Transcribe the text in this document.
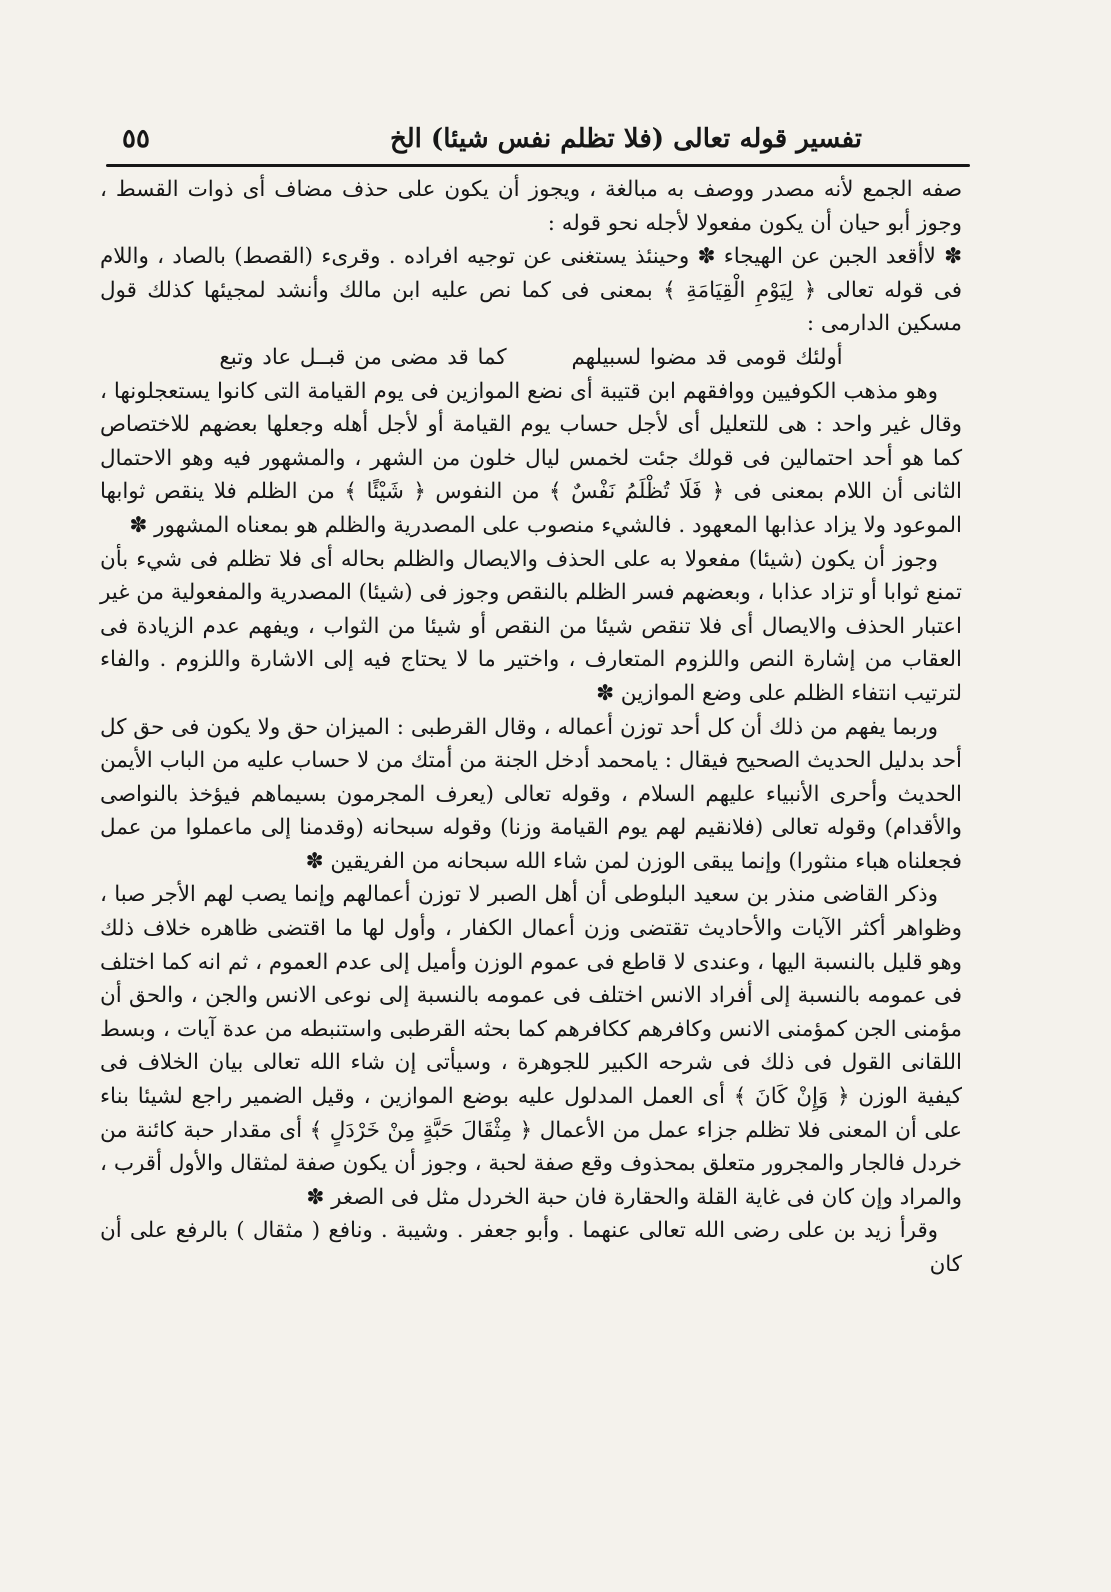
تفسير قوله تعالى (فلا تظلم نفس شيئا) الخ
٥٥

صفه الجمع لأنه مصدر ووصف به مبالغة ، ويجوز أن يكون على حذف مضاف أى ذوات القسط ، وجوز أبو حيان أن يكون مفعولا لأجله نحو قوله :

✽ لاأقعد الجبن عن الهيجاء ✽ وحينئذ يستغنى عن توجيه افراده . وقرىء (القصط) بالصاد ، واللام فى قوله تعالى ﴿ لِيَوْمِ الْقِيَامَةِ ﴾ بمعنى فى كما نص عليه ابن مالك وأنشد لمجيئها كذلك قول مسكين الدارمى :

أولئك قومى قد مضوا لسبيلهم كما قد مضى من قبــل عاد وتبع

وهو مذهب الكوفيين ووافقهم ابن قتيبة أى نضع الموازين فى يوم القيامة التى كانوا يستعجلونها ، وقال غير واحد : هى للتعليل أى لأجل حساب يوم القيامة أو لأجل أهله وجعلها بعضهم للاختصاص كما هو أحد احتمالين فى قولك جئت لخمس ليال خلون من الشهر ، والمشهور فيه وهو الاحتمال الثانى أن اللام بمعنى فى ﴿ فَلَا تُظْلَمُ نَفْسٌ ﴾ من النفوس ﴿ شَيْئًا ﴾ من الظلم فلا ينقص ثوابها الموعود ولا يزاد عذابها المعهود . فالشيء منصوب على المصدرية والظلم هو بمعناه المشهور ✽

وجوز أن يكون (شيئا) مفعولا به على الحذف والايصال والظلم بحاله أى فلا تظلم فى شيء بأن تمنع ثوابا أو تزاد عذابا ، وبعضهم فسر الظلم بالنقص وجوز فى (شيئا) المصدرية والمفعولية من غير اعتبار الحذف والايصال أى فلا تنقص شيئا من النقص أو شيئا من الثواب ، ويفهم عدم الزيادة فى العقاب من إشارة النص واللزوم المتعارف ، واختير ما لا يحتاج فيه إلى الاشارة واللزوم . والفاء لترتيب انتفاء الظلم على وضع الموازين ✽

وربما يفهم من ذلك أن كل أحد توزن أعماله ، وقال القرطبى : الميزان حق ولا يكون فى حق كل أحد بدليل الحديث الصحيح فيقال : يامحمد أدخل الجنة من أمتك من لا حساب عليه من الباب الأيمن الحديث وأحرى الأنبياء عليهم السلام ، وقوله تعالى (يعرف المجرمون بسيماهم فيؤخذ بالنواصى والأقدام) وقوله تعالى (فلانقيم لهم يوم القيامة وزنا) وقوله سبحانه (وقدمنا إلى ماعملوا من عمل فجعلناه هباء منثورا) وإنما يبقى الوزن لمن شاء الله سبحانه من الفريقين ✽

وذكر القاضى منذر بن سعيد البلوطى أن أهل الصبر لا توزن أعمالهم وإنما يصب لهم الأجر صبا ، وظواهر أكثر الآيات والأحاديث تقتضى وزن أعمال الكفار ، وأول لها ما اقتضى ظاهره خلاف ذلك وهو قليل بالنسبة اليها ، وعندى لا قاطع فى عموم الوزن وأميل إلى عدم العموم ، ثم انه كما اختلف فى عمومه بالنسبة إلى أفراد الانس اختلف فى عمومه بالنسبة إلى نوعى الانس والجن ، والحق أن مؤمنى الجن كمؤمنى الانس وكافرهم ككافرهم كما بحثه القرطبى واستنبطه من عدة آيات ، وبسط اللقانى القول فى ذلك فى شرحه الكبير للجوهرة ، وسيأتى إن شاء الله تعالى بيان الخلاف فى كيفية الوزن ﴿ وَإِنْ كَانَ ﴾ أى العمل المدلول عليه بوضع الموازين ، وقيل الضمير راجع لشيئا بناء على أن المعنى فلا تظلم جزاء عمل من الأعمال ﴿ مِثْقَالَ حَبَّةٍ مِنْ خَرْدَلٍ ﴾ أى مقدار حبة كائنة من خردل فالجار والمجرور متعلق بمحذوف وقع صفة لحبة ، وجوز أن يكون صفة لمثقال والأول أقرب ، والمراد وإن كان فى غاية القلة والحقارة فان حبة الخردل مثل فى الصغر ✽

وقرأ زيد بن على رضى الله تعالى عنهما . وأبو جعفر . وشيبة . ونافع ( مثقال ) بالرفع على أن كان
